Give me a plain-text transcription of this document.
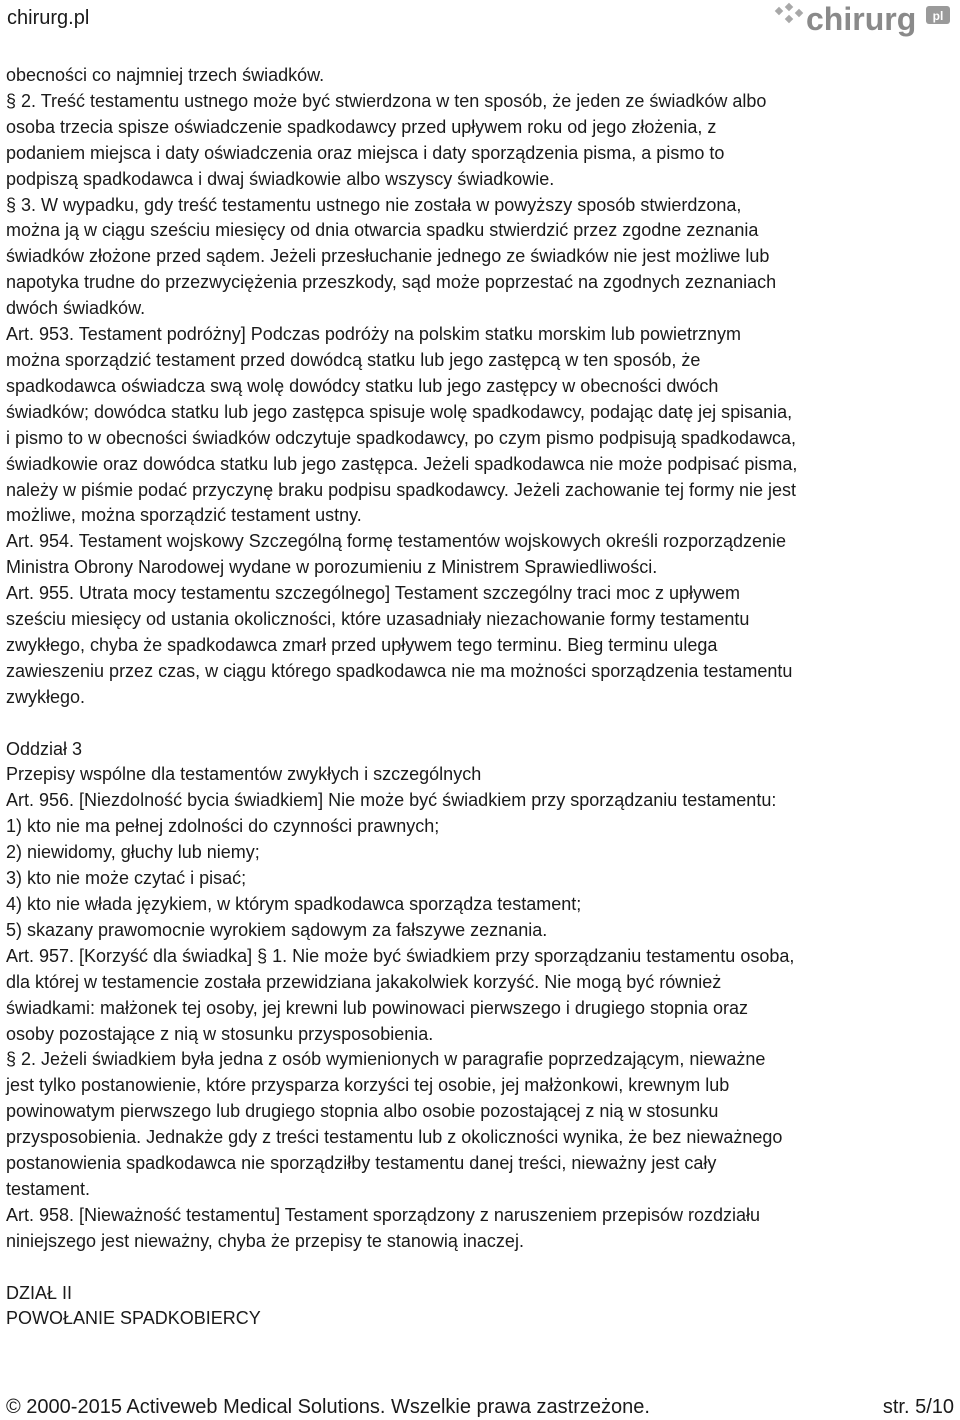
chirurg.pl	chirurg pl
obecności co najmniej trzech świadków.
§ 2. Treść testamentu ustnego może być stwierdzona w ten sposób, że jeden ze świadków albo
osoba trzecia spisze oświadczenie spadkodawcy przed upływem roku od jego złożenia, z
podaniem miejsca i daty oświadczenia oraz miejsca i daty sporządzenia pisma, a pismo to
podpiszą spadkodawca i dwaj świadkowie albo wszyscy świadkowie.
§ 3. W wypadku, gdy treść testamentu ustnego nie została w powyższy sposób stwierdzona,
można ją w ciągu sześciu miesięcy od dnia otwarcia spadku stwierdzić przez zgodne zeznania
świadków złożone przed sądem. Jeżeli przesłuchanie jednego ze świadków nie jest możliwe lub
napotyka trudne do przezwyciężenia przeszkody, sąd może poprzestać na zgodnych zeznaniach
dwóch świadków.
Art. 953. Testament podróżny] Podczas podróży na polskim statku morskim lub powietrznym
można sporządzić testament przed dowódcą statku lub jego zastępcą w ten sposób, że
spadkodawca oświadcza swą wolę dowódcy statku lub jego zastępcy w obecności dwóch
świadków; dowódca statku lub jego zastępca spisuje wolę spadkodawcy, podając datę jej spisania,
i pismo to w obecności świadków odczytuje spadkodawcy, po czym pismo podpisują spadkodawca,
świadkowie oraz dowódca statku lub jego zastępca. Jeżeli spadkodawca nie może podpisać pisma,
należy w piśmie podać przyczynę braku podpisu spadkodawcy. Jeżeli zachowanie tej formy nie jest
możliwe, można sporządzić testament ustny.
Art. 954. Testament wojskowy Szczególną formę testamentów wojskowych określi rozporządzenie
Ministra Obrony Narodowej wydane w porozumieniu z Ministrem Sprawiedliwości.
Art. 955. Utrata mocy testamentu szczególnego] Testament szczególny traci moc z upływem
sześciu miesięcy od ustania okoliczności, które uzasadniały niezachowanie formy testamentu
zwykłego, chyba że spadkodawca zmarł przed upływem tego terminu. Bieg terminu ulega
zawieszeniu przez czas, w ciągu którego spadkodawca nie ma możności sporządzenia testamentu
zwykłego.
Oddział 3
Przepisy wspólne dla testamentów zwykłych i szczególnych
Art. 956. [Niezdolność bycia świadkiem] Nie może być świadkiem przy sporządzaniu testamentu:
1) kto nie ma pełnej zdolności do czynności prawnych;
2) niewidomy, głuchy lub niemy;
3) kto nie może czytać i pisać;
4) kto nie włada językiem, w którym spadkodawca sporządza testament;
5) skazany prawomocnie wyrokiem sądowym za fałszywe zeznania.
Art. 957. [Korzyść dla świadka] § 1. Nie może być świadkiem przy sporządzaniu testamentu osoba,
dla której w testamencie została przewidziana jakakolwiek korzyść. Nie mogą być również
świadkami: małżonek tej osoby, jej krewni lub powinowaci pierwszego i drugiego stopnia oraz
osoby pozostające z nią w stosunku przysposobienia.
§ 2. Jeżeli świadkiem była jedna z osób wymienionych w paragrafie poprzedzającym, nieważne
jest tylko postanowienie, które przysparza korzyści tej osobie, jej małżonkowi, krewnym lub
powinowatym pierwszego lub drugiego stopnia albo osobie pozostającej z nią w stosunku
przysposobienia. Jednakże gdy z treści testamentu lub z okoliczności wynika, że bez nieważnego
postanowienia spadkodawca nie sporządziłby testamentu danej treści, nieważny jest cały
testament.
Art. 958. [Nieważność testamentu] Testament sporządzony z naruszeniem przepisów rozdziału
niniejszego jest nieważny, chyba że przepisy te stanowią inaczej.
DZIAŁ II
POWOŁANIE SPADKOBIERCY
© 2000-2015 Activeweb Medical Solutions. Wszelkie prawa zastrzeżone.	str. 5/10
